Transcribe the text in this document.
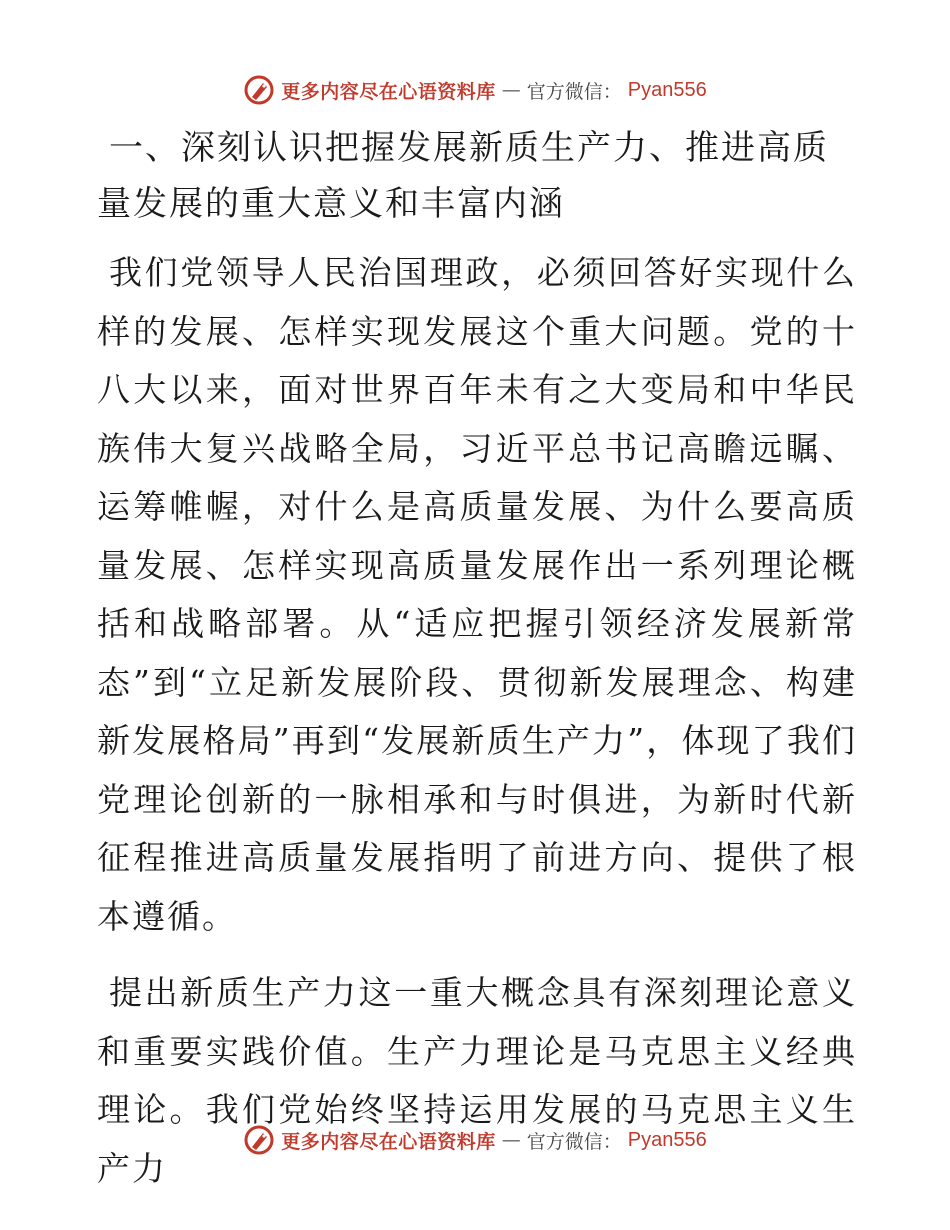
更多内容尽在心语资料库 — 官方微信： Pyan556
一、深刻认识把握发展新质生产力、推进高质量发展的重大意义和丰富内涵

我们党领导人民治国理政，必须回答好实现什么样的发展、怎样实现发展这个重大问题。党的十八大以来，面对世界百年未有之大变局和中华民族伟大复兴战略全局，习近平总书记高瞻远瞩、运筹帷幄，对什么是高质量发展、为什么要高质量发展、怎样实现高质量发展作出一系列理论概括和战略部署。从“适应把握引领经济发展新常态”到“立足新发展阶段、贯彻新发展理念、构建新发展格局”再到“发展新质生产力”，体现了我们党理论创新的一脉相承和与时俱进，为新时代新征程推进高质量发展指明了前进方向、提供了根本遵循。

提出新质生产力这一重大概念具有深刻理论意义和重要实践价值。生产力理论是马克思主义经典理论。我们党始终坚持运用发展的马克思主义生产力

更多内容尽在心语资料库 — 官方微信： Pyan556
